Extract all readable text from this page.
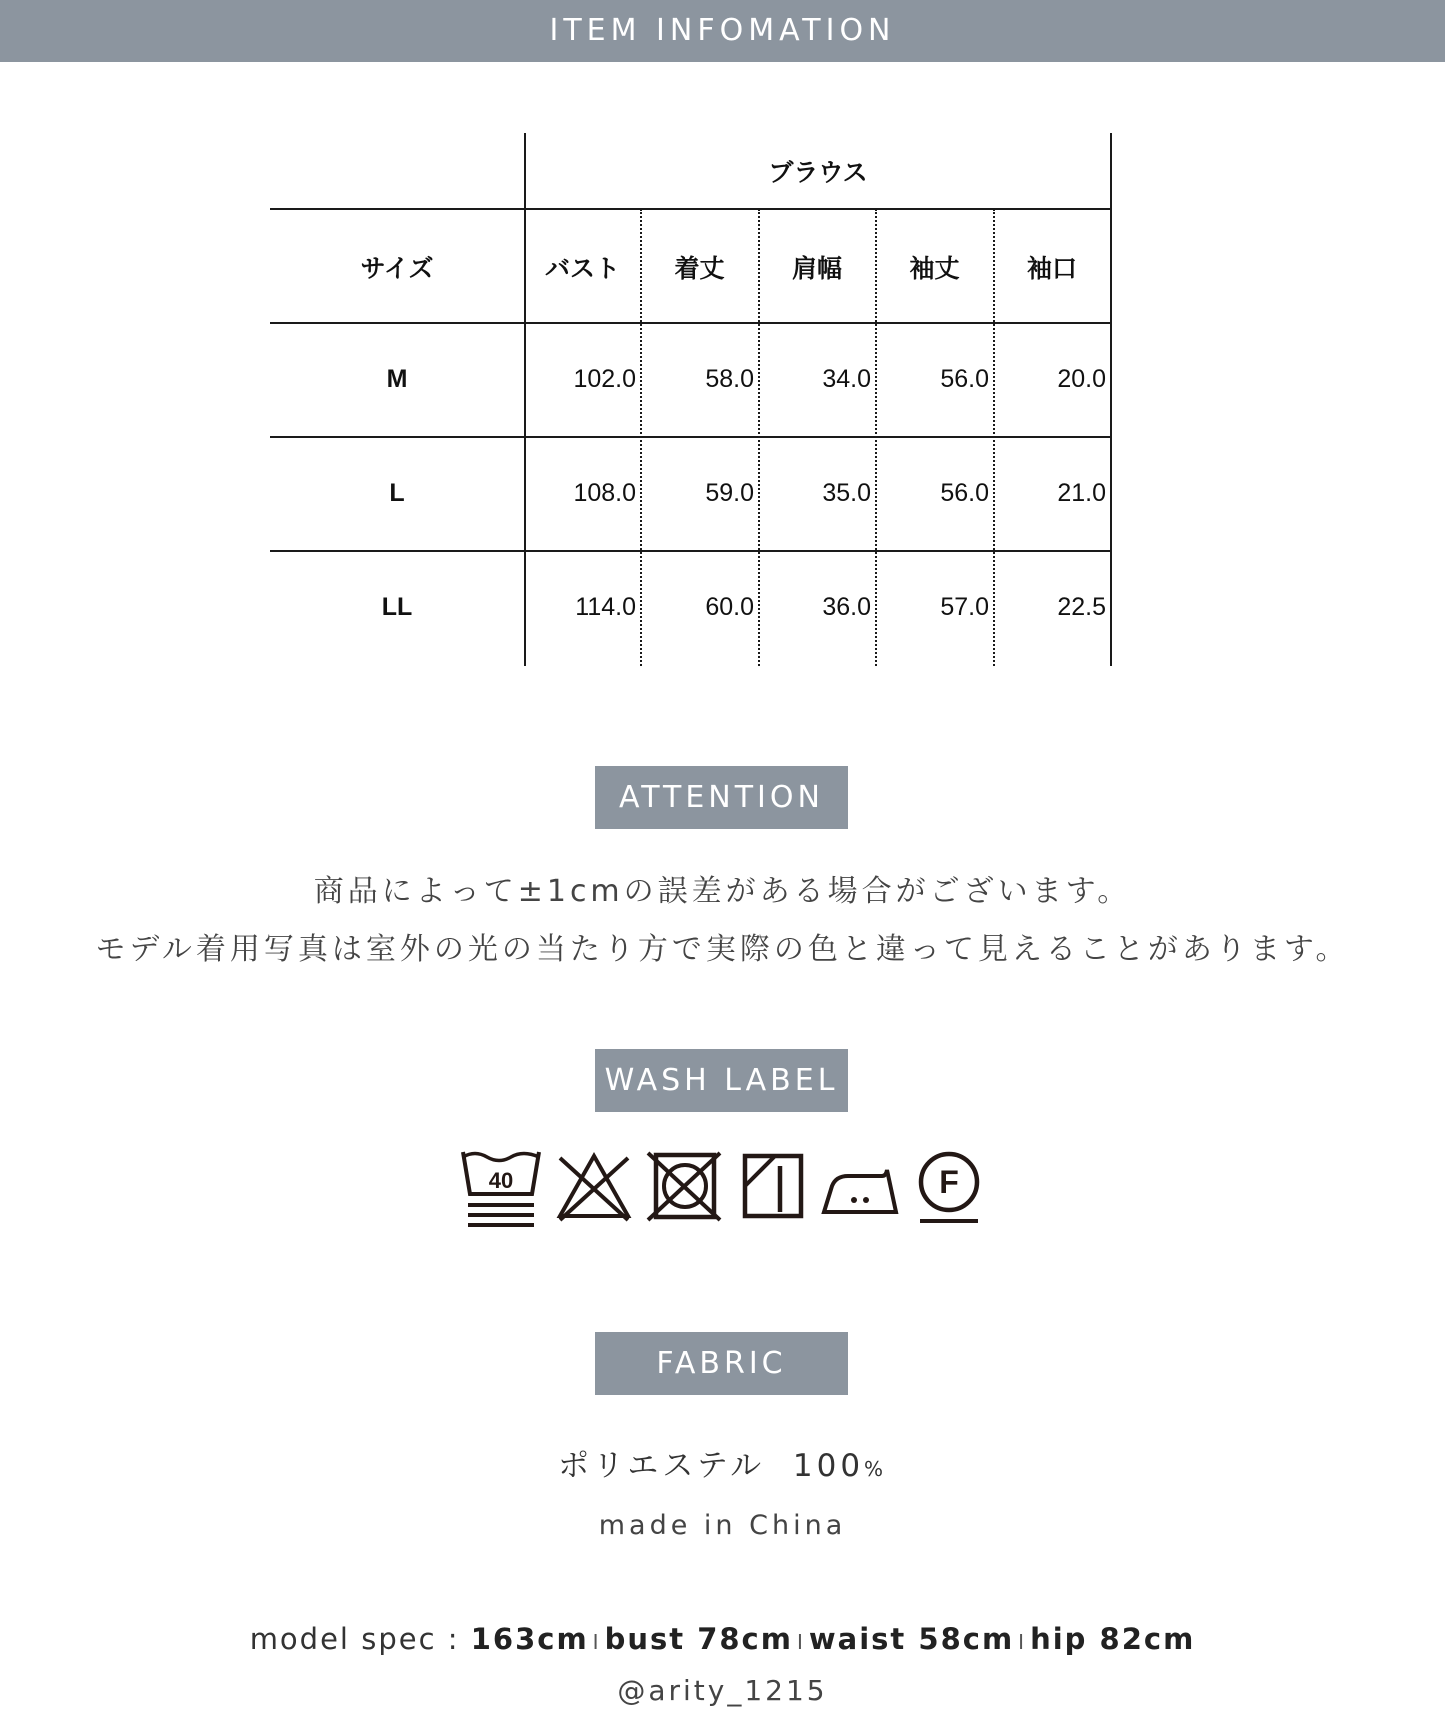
ITEM INFOMATION
ブラウス
サイズ	バスト	着丈	肩幅	袖丈	袖口
M	102.0	58.0	34.0	56.0	20.0
L	108.0	59.0	35.0	56.0	21.0
LL	114.0	60.0	36.0	57.0	22.5
ATTENTION
商品によって±1cmの誤差がある場合がございます。
モデル着用写真は室外の光の当たり方で実際の色と違って見えることがあります。
WASH LABEL
40	F
FABRIC
ポリエステル 100%
made in China
model spec : 163cm I bust 78cm I waist 58cm I hip 82cm
@arity_1215
